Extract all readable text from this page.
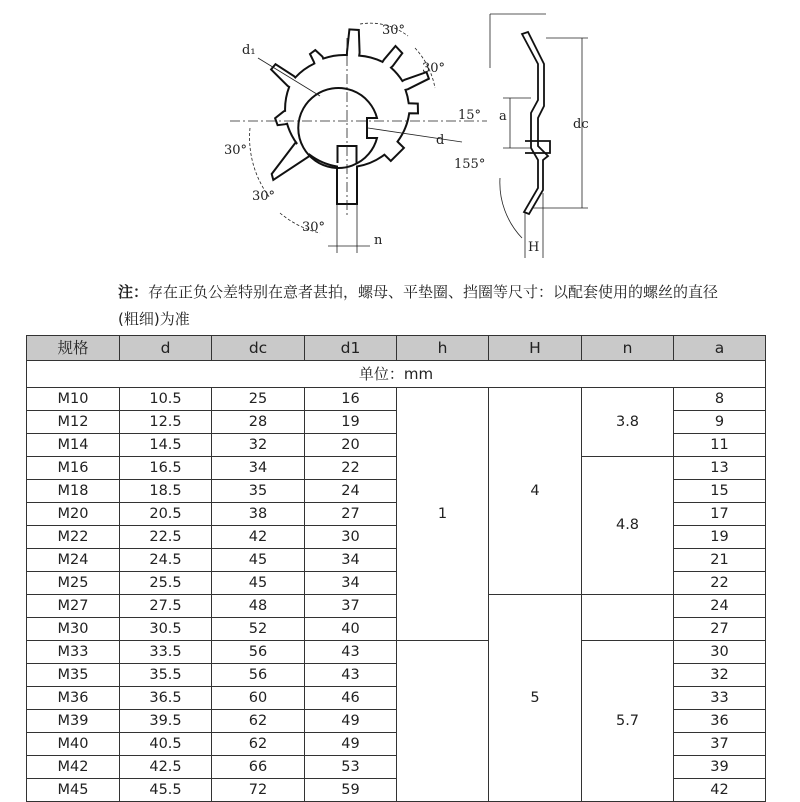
d₁
d
n
30°
30°
15°
30°
30°
30°
dc
a
H
155°
注：存在正负公差特别在意者甚拍，螺母、平垫圈、挡圈等尺寸：以配套使用的螺丝的直径(粗细)为准
规格	d	dc	d1	h	H	n	a
单位：mm							
M10	10.5	25	16	1	4	3.8	8
M12	12.5	28	19				9
M14	14.5	32	20				11
M16	16.5	34	22			4.8	13
M18	18.5	35	24				15
M20	20.5	38	27				17
M22	22.5	42	30				19
M24	24.5	45	34				21
M25	25.5	45	34				22
M27	27.5	48	37		5		24
M30	30.5	52	40				27
M33	33.5	56	43			5.7	30
M35	35.5	56	43				32
M36	36.5	60	46				33
M39	39.5	62	49				36
M40	40.5	62	49				37
M42	42.5	66	53				39
M45	45.5	72	59				42
